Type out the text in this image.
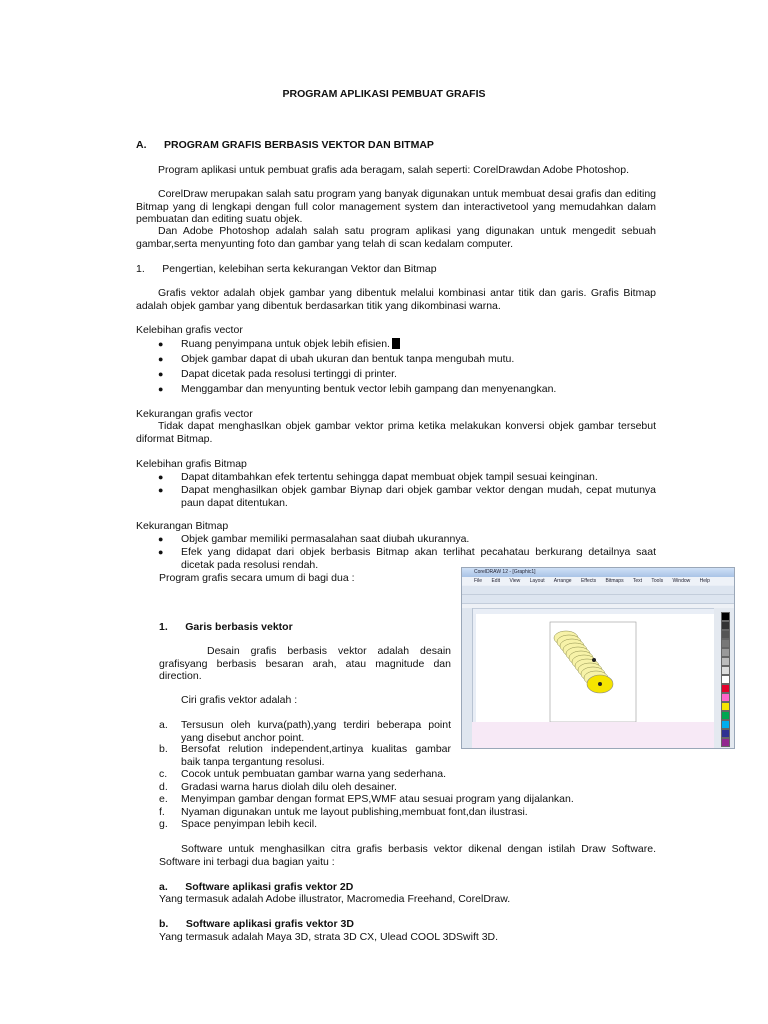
PROGRAM APLIKASI PEMBUAT GRAFIS
A.      PROGRAM GRAFIS BERBASIS VEKTOR DAN BITMAP
Program aplikasi untuk pembuat grafis ada beragam, salah seperti: CorelDrawdan Adobe Photoshop.
CorelDraw merupakan salah satu program yang banyak digunakan untuk membuat desai grafis dan editing Bitmap yang di lengkapi dengan full color management system dan interactivetool yang memudahkan dalam pembuatan dan editing suatu objek.
Dan Adobe Photoshop adalah salah satu program aplikasi yang digunakan untuk mengedit sebuah gambar,serta menyunting foto dan gambar yang telah di scan kedalam computer.
1.      Pengertian, kelebihan serta kekurangan Vektor dan Bitmap
Grafis vektor adalah objek gambar yang dibentuk melalui kombinasi antar titik dan garis. Grafis Bitmap adalah objek gambar yang dibentuk berdasarkan titik yang dikombinasi warna.
Kelebihan grafis vector
● Ruang penyimpana untuk objek lebih efisien.
● Objek gambar dapat di ubah ukuran dan bentuk tanpa mengubah mutu.
● Dapat dicetak pada resolusi tertinggi di printer.
● Menggambar dan menyunting bentuk vector lebih gampang dan menyenangkan.
Kekurangan grafis vector
Tidak dapat menghasIkan objek gambar vektor prima ketika melakukan konversi objek gambar tersebut diformat Bitmap.
Kelebihan grafis Bitmap
● Dapat ditambahkan efek tertentu sehingga dapat membuat objek tampil sesuai keinginan.
● Dapat menghasilkan objek gambar Biynap dari objek gambar vektor dengan mudah, cepat mutunya paun dapat ditentukan.
Kekurangan Bitmap
● Objek gambar memiliki permasalahan saat diubah ukurannya.
● Efek yang didapat dari objek berbasis Bitmap akan terlihat pecahatau berkurang detailnya saat dicetak pada resolusi rendah.
Program grafis secara umum di bagi dua :
1.      Garis berbasis vektor
Desain grafis berbasis vektor adalah desain grafisyang berbasis besaran arah, atau magnitude dan direction.
Ciri grafis vektor adalah :
a. Tersusun oleh kurva(path),yang terdiri beberapa point yang disebut anchor point.
b. Bersofat relution independent,artinya kualitas gambar baik tanpa tergantung resolusi.
c. Cocok untuk pembuatan gambar warna yang sederhana.
d. Gradasi warna harus diolah dilu oleh desainer.
e. Menyimpan gambar dengan format EPS,WMF atau sesuai program yang dijalankan.
f. Nyaman digunakan untuk me layout publishing,membuat font,dan ilustrasi.
g. Space penyimpan lebih kecil.
Software untuk menghasilkan citra grafis berbasis vektor dikenal dengan istilah Draw Software. Software ini terbagi dua bagian yaitu :
a.      Software aplikasi grafis vektor 2D
Yang termasuk adalah Adobe illustrator, Macromedia Freehand, CorelDraw.
b.      Software aplikasi grafis vektor 3D
Yang termasuk adalah Maya 3D, strata 3D CX, Ulead COOL 3DSwift 3D.
CorelDRAW 12 - [Graphic1]
File Edit View Layout Arrange Effects Bitmaps Text Tools Window Help
